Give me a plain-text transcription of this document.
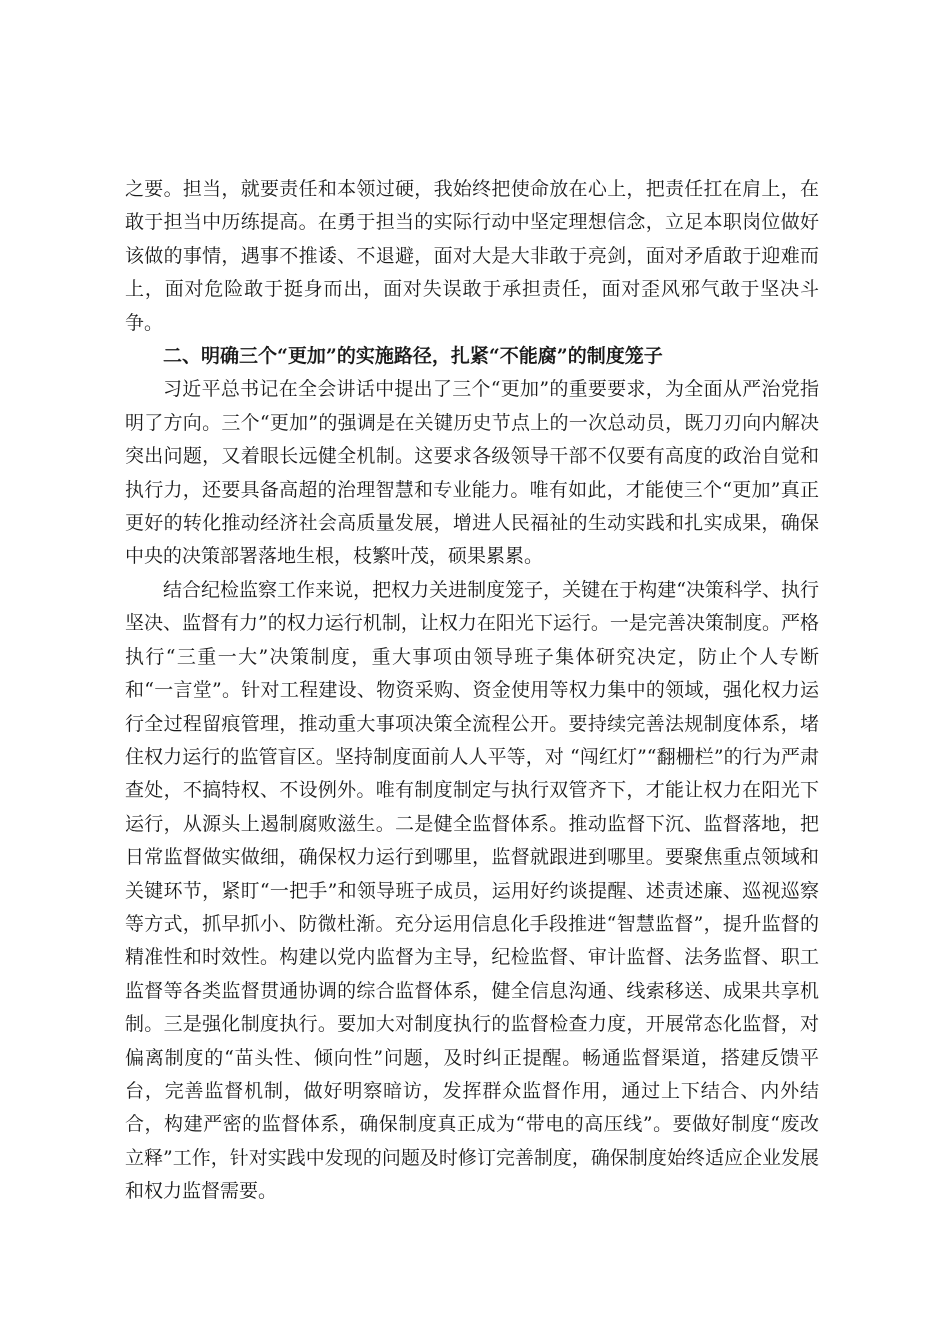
之要。担当，就要责任和本领过硬，我始终把使命放在心上，把责任扛在肩上，在敢于担当中历练提高。在勇于担当的实际行动中坚定理想信念，立足本职岗位做好该做的事情，遇事不推诿、不退避，面对大是大非敢于亮剑，面对矛盾敢于迎难而上，面对危险敢于挺身而出，面对失误敢于承担责任，面对歪风邪气敢于坚决斗争。

二、明确三个“更加”的实施路径，扎紧“不能腐”的制度笼子

习近平总书记在全会讲话中提出了三个“更加”的重要要求，为全面从严治党指明了方向。三个“更加”的强调是在关键历史节点上的一次总动员，既刀刃向内解决突出问题，又着眼长远健全机制。这要求各级领导干部不仅要有高度的政治自觉和执行力，还要具备高超的治理智慧和专业能力。唯有如此，才能使三个“更加”真正更好的转化推动经济社会高质量发展，增进人民福祉的生动实践和扎实成果，确保中央的决策部署落地生根，枝繁叶茂，硕果累累。

结合纪检监察工作来说，把权力关进制度笼子，关键在于构建“决策科学、执行坚决、监督有力”的权力运行机制，让权力在阳光下运行。一是完善决策制度。严格执行“三重一大”决策制度，重大事项由领导班子集体研究决定，防止个人专断和“一言堂”。针对工程建设、物资采购、资金使用等权力集中的领域，强化权力运行全过程留痕管理，推动重大事项决策全流程公开。要持续完善法规制度体系，堵住权力运行的监管盲区。坚持制度面前人人平等，对 “闯红灯”“翻栅栏”的行为严肃查处，不搞特权、不设例外。唯有制度制定与执行双管齐下，才能让权力在阳光下运行，从源头上遏制腐败滋生。二是健全监督体系。推动监督下沉、监督落地，把日常监督做实做细，确保权力运行到哪里，监督就跟进到哪里。要聚焦重点领域和关键环节，紧盯“一把手”和领导班子成员，运用好约谈提醒、述责述廉、巡视巡察等方式，抓早抓小、防微杜渐。充分运用信息化手段推进“智慧监督”，提升监督的精准性和时效性。构建以党内监督为主导，纪检监督、审计监督、法务监督、职工监督等各类监督贯通协调的综合监督体系，健全信息沟通、线索移送、成果共享机制。三是强化制度执行。要加大对制度执行的监督检查力度，开展常态化监督，对偏离制度的“苗头性、倾向性”问题，及时纠正提醒。畅通监督渠道，搭建反馈平台，完善监督机制，做好明察暗访，发挥群众监督作用，通过上下结合、内外结合，构建严密的监督体系，确保制度真正成为“带电的高压线”。要做好制度“废改立释”工作，针对实践中发现的问题及时修订完善制度，确保制度始终适应企业发展和权力监督需要。
